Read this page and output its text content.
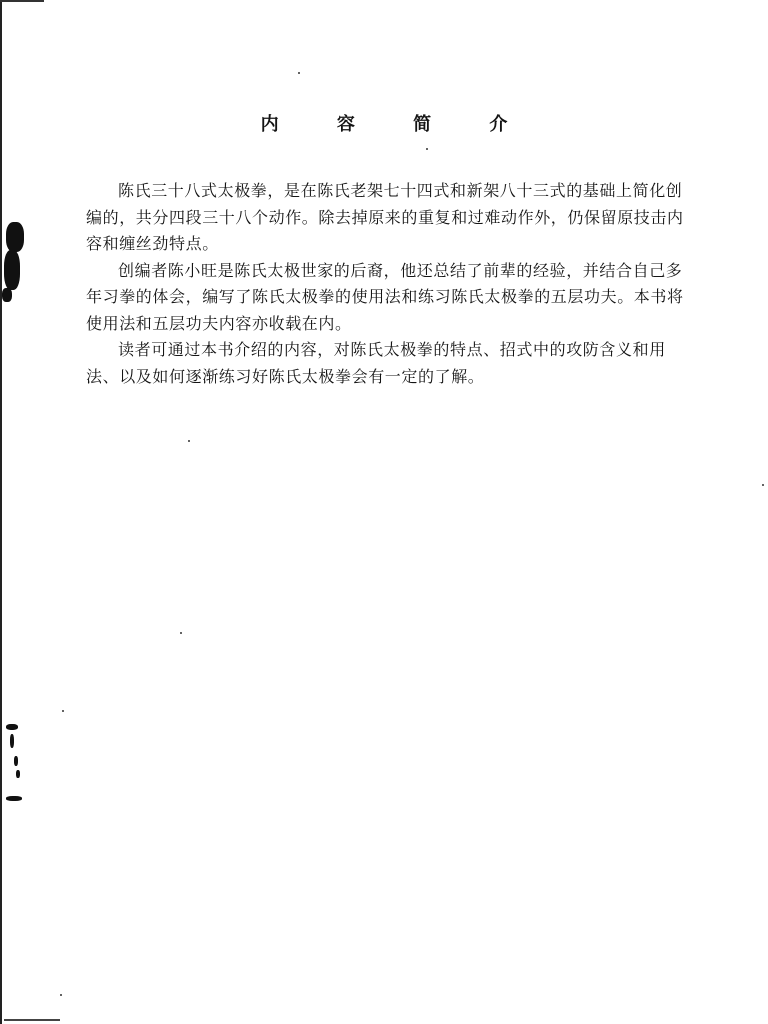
内 容 简 介

陈氏三十八式太极拳，是在陈氏老架七十四式和新架八十三式的基础上简化创编的，共分四段三十八个动作。除去掉原来的重复和过难动作外，仍保留原技击内容和缠丝劲特点。

创编者陈小旺是陈氏太极世家的后裔，他还总结了前辈的经验，并结合自己多年习拳的体会，编写了陈氏太极拳的使用法和练习陈氏太极拳的五层功夫。本书将使用法和五层功夫内容亦收载在内。

读者可通过本书介绍的内容，对陈氏太极拳的特点、招式中的攻防含义和用法、以及如何逐渐练习好陈氏太极拳会有一定的了解。
